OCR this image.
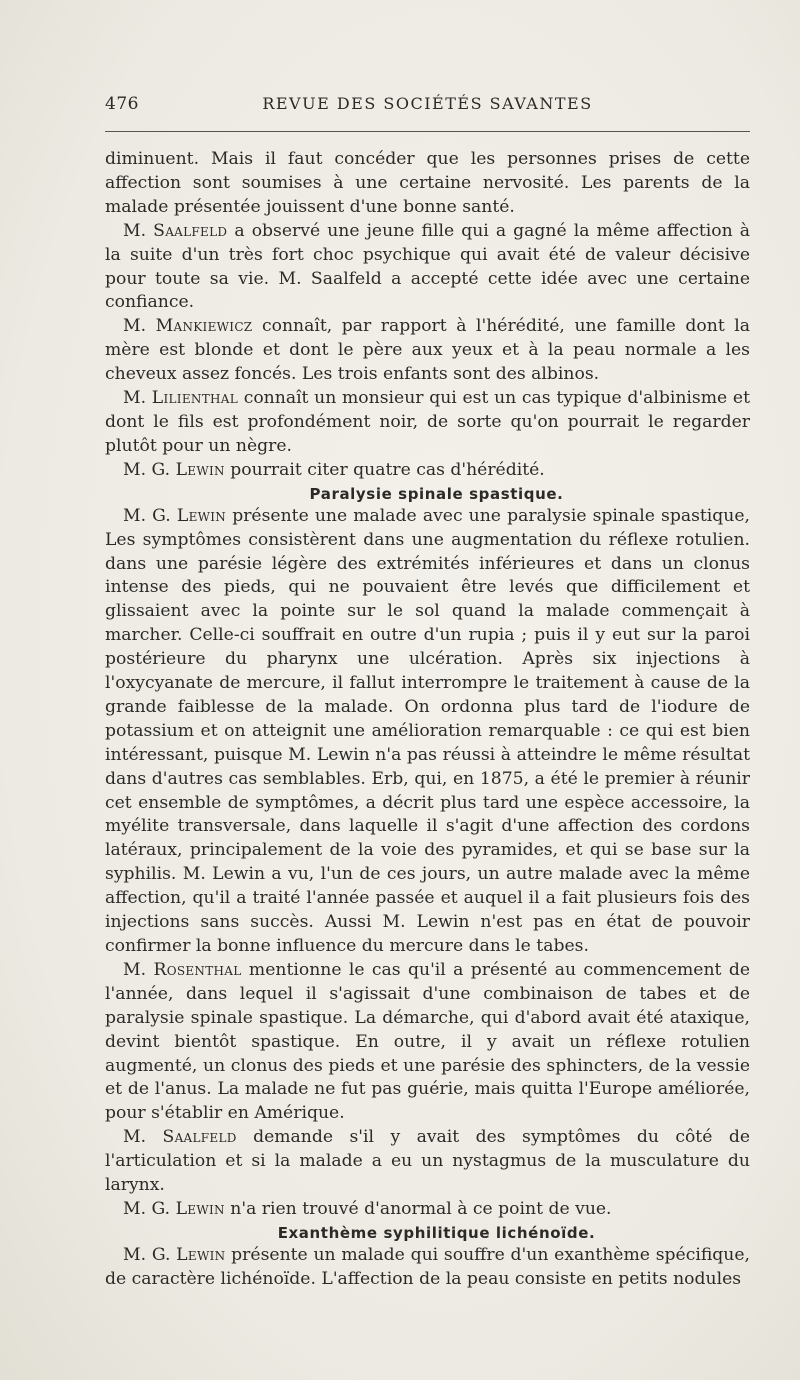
476	REVUE DES SOCIÉTÉS SAVANTES

diminuent. Mais il faut concéder que les personnes prises de cette affection sont soumises à une certaine nervosité. Les parents de la malade présentée jouissent d'une bonne santé.

M. Saalfeld a observé une jeune fille qui a gagné la même affection à la suite d'un très fort choc psychique qui avait été de valeur décisive pour toute sa vie. M. Saalfeld a accepté cette idée avec une certaine confiance.

M. Mankiewicz connaît, par rapport à l'hérédité, une famille dont la mère est blonde et dont le père aux yeux et à la peau normale a les cheveux assez foncés. Les trois enfants sont des albinos.

M. Lilienthal connaît un monsieur qui est un cas typique d'albinisme et dont le fils est profondément noir, de sorte qu'on pourrait le regarder plutôt pour un nègre.

M. G. Lewin pourrait citer quatre cas d'hérédité.

Paralysie spinale spastique.

M. G. Lewin présente une malade avec une paralysie spinale spastique, Les symptômes consistèrent dans une augmentation du réflexe rotulien. dans une parésie légère des extrémités inférieures et dans un clonus intense des pieds, qui ne pouvaient être levés que difficilement et glissaient avec la pointe sur le sol quand la malade commençait à marcher. Celle-ci souffrait en outre d'un rupia ; puis il y eut sur la paroi postérieure du pharynx une ulcération. Après six injections à l'oxycyanate de mercure, il fallut interrompre le traitement à cause de la grande faiblesse de la malade. On ordonna plus tard de l'iodure de potassium et on atteignit une amélioration remarquable : ce qui est bien intéressant, puisque M. Lewin n'a pas réussi à atteindre le même résultat dans d'autres cas semblables. Erb, qui, en 1875, a été le premier à réunir cet ensemble de symptômes, a décrit plus tard une espèce accessoire, la myélite transversale, dans laquelle il s'agit d'une affection des cordons latéraux, principalement de la voie des pyramides, et qui se base sur la syphilis. M. Lewin a vu, l'un de ces jours, un autre malade avec la même affection, qu'il a traité l'année passée et auquel il a fait plusieurs fois des injections sans succès. Aussi M. Lewin n'est pas en état de pouvoir confirmer la bonne influence du mercure dans le tabes.

M. Rosenthal mentionne le cas qu'il a présenté au commencement de l'année, dans lequel il s'agissait d'une combinaison de tabes et de paralysie spinale spastique. La démarche, qui d'abord avait été ataxique, devint bientôt spastique. En outre, il y avait un réflexe rotulien augmenté, un clonus des pieds et une parésie des sphincters, de la vessie et de l'anus. La malade ne fut pas guérie, mais quitta l'Europe améliorée, pour s'établir en Amérique.

M. Saalfeld demande s'il y avait des symptômes du côté de l'articulation et si la malade a eu un nystagmus de la musculature du larynx.

M. G. Lewin n'a rien trouvé d'anormal à ce point de vue.

Exanthème syphilitique lichénoïde.

M. G. Lewin présente un malade qui souffre d'un exanthème spécifique, de caractère lichénoïde. L'affection de la peau consiste en petits nodules
